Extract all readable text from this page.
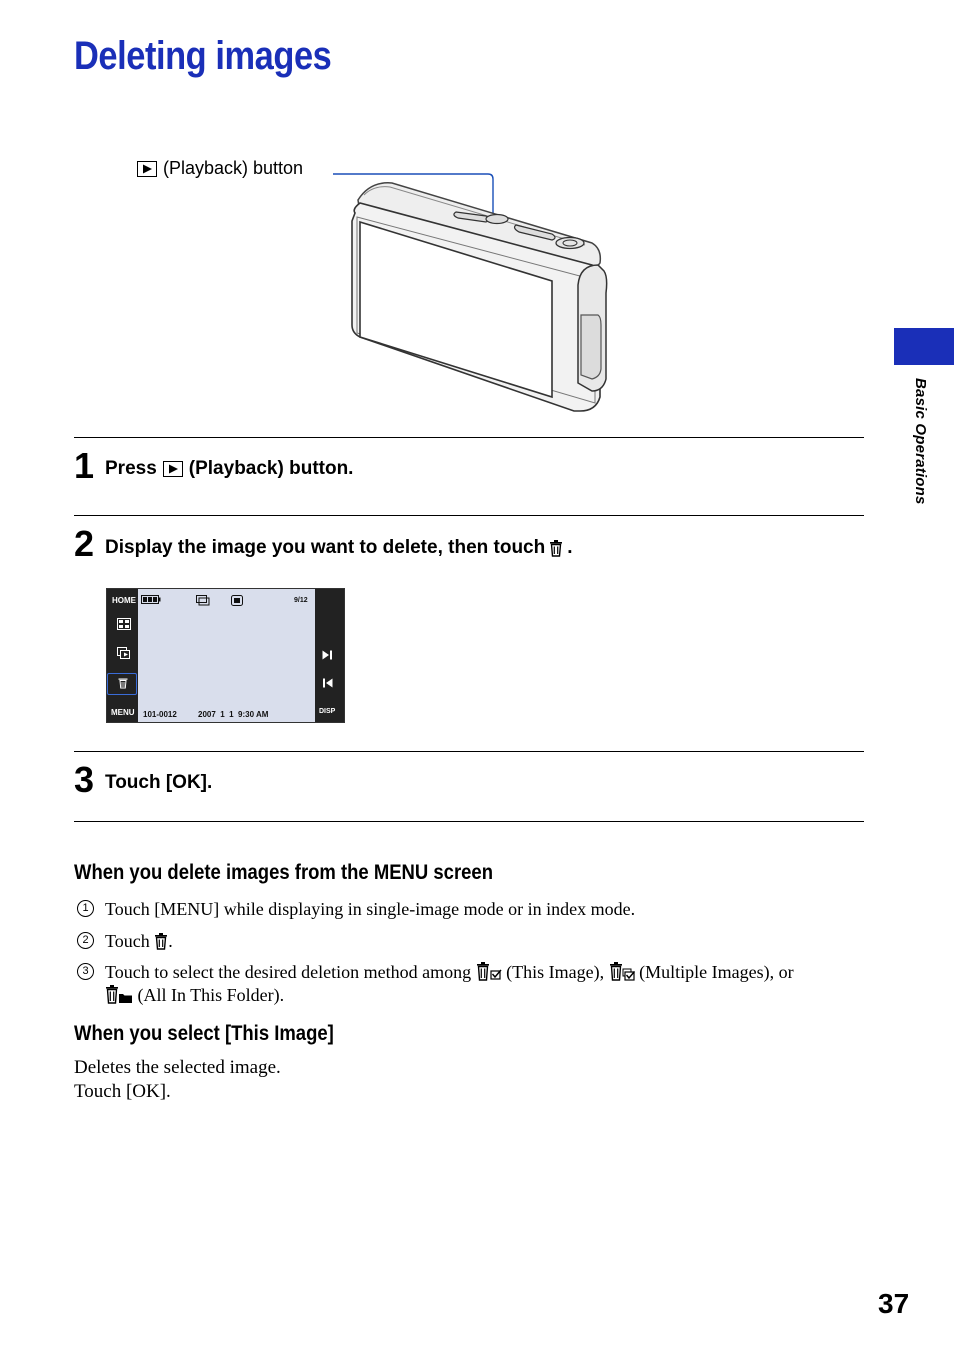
Deleting images
(Playback) button
1 Press (Playback) button.
2 Display the image you want to delete, then touch .
HOME
MENU
9/12
DISP
101-0012	2007  1  1  9:30 AM
3 Touch [OK].
When you delete images from the MENU screen
1 Touch [MENU] while displaying in single-image mode or in index mode.
2 Touch .
3 Touch to select the desired deletion method among (This Image), (Multiple Images), or
(All In This Folder).
When you select [This Image]
Deletes the selected image.
Touch [OK].
Basic Operations
37
